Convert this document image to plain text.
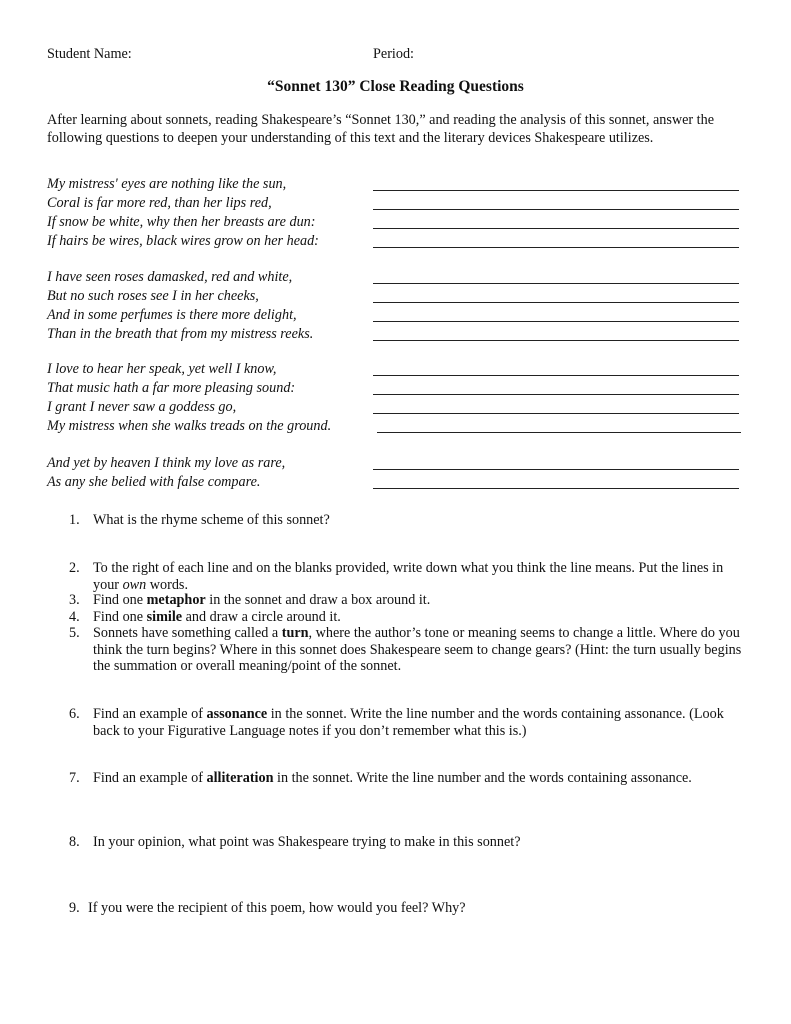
Student Name:	Period:
“Sonnet 130” Close Reading Questions
After learning about sonnets, reading Shakespeare’s “Sonnet 130,” and reading the analysis of this sonnet, answer the following questions to deepen your understanding of this text and the literary devices Shakespeare utilizes.
My mistress' eyes are nothing like the sun,
Coral is far more red, than her lips red,
If snow be white, why then her breasts are dun:
If hairs be wires, black wires grow on her head:
I have seen roses damasked, red and white,
But no such roses see I in her cheeks,
And in some perfumes is there more delight,
Than in the breath that from my mistress reeks.
I love to hear her speak, yet well I know,
That music hath a far more pleasing sound:
I grant I never saw a goddess go,
My mistress when she walks treads on the ground.
And yet by heaven I think my love as rare,
As any she belied with false compare.
1. What is the rhyme scheme of this sonnet?
2. To the right of each line and on the blanks provided, write down what you think the line means. Put the lines in your own words.
3. Find one metaphor in the sonnet and draw a box around it.
4. Find one simile and draw a circle around it.
5. Sonnets have something called a turn, where the author’s tone or meaning seems to change a little. Where do you think the turn begins? Where in this sonnet does Shakespeare seem to change gears? (Hint: the turn usually begins the summation or overall meaning/point of the sonnet.
6. Find an example of assonance in the sonnet. Write the line number and the words containing assonance. (Look back to your Figurative Language notes if you don’t remember what this is.)
7. Find an example of alliteration in the sonnet. Write the line number and the words containing assonance.
8. In your opinion, what point was Shakespeare trying to make in this sonnet?
9. If you were the recipient of this poem, how would you feel? Why?
